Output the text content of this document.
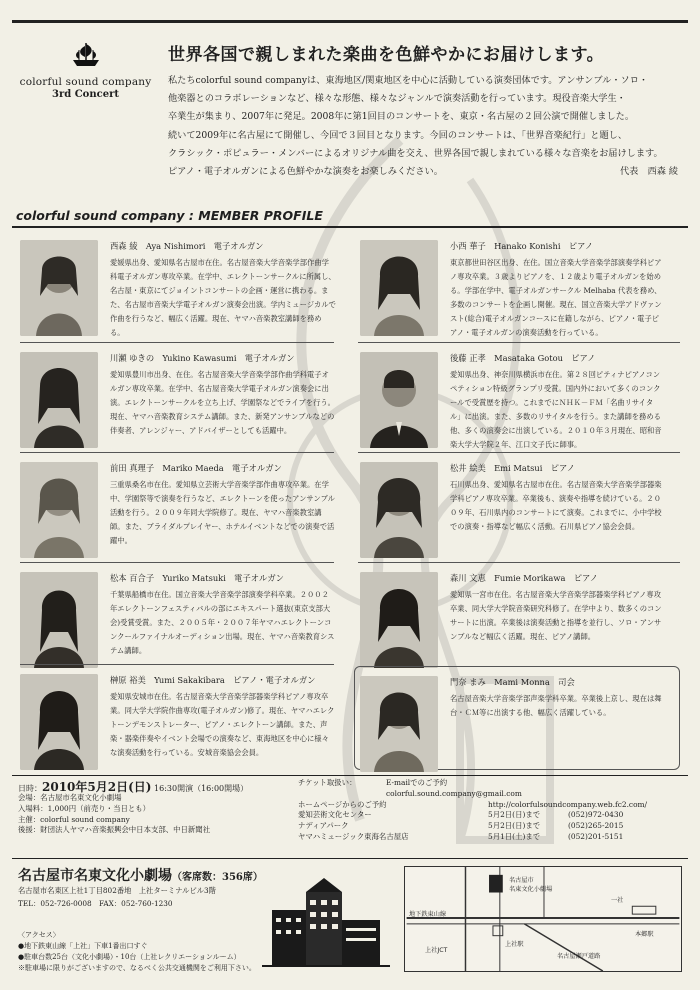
colorful sound company
3rd Concert
世界各国で親しまれた楽曲を色鮮やかにお届けします。

私たちcolorful sound companyは、東海地区/関東地区を中心に活動している演奏団体です。アンサンブル・ソロ・

他楽器とのコラボレーションなど、様々な形態、様々なジャンルで演奏活動を行っています。現役音楽大学生・

卒業生が集まり、2007年に発足。2008年に第1回目のコンサートを、東京・名古屋の２回公演で開催しました。

続いて2009年に名古屋にて開催し、今回で３回目となります。今回のコンサートは、「世界音楽紀行」と題し、

クラシック・ポピュラー・メンバーによるオリジナル曲を交え、世界各国で親しまれている様々な音楽をお届けします。

ピアノ・電子オルガンによる色鮮やかな演奏をお楽しみください。	代表　西森 綾

colorful sound company : MEMBER PROFILE
西森 綾　Aya Nishimori　電子オルガン
愛媛県出身、愛知県名古屋市在住。名古屋音楽大学音楽学部作曲学科電子オルガン専攻卒業。在学中、エレクトーンサークルに所属し、名古屋・東京にてジョイントコンサートの企画・運営に携わる。また、名古屋市音楽大学電子オルガン演奏会出演。学内ミュージカルで作曲を行うなど、幅広く活躍。現在、ヤマハ音楽教室講師を務める。
川瀬 ゆきの　Yukino Kawasumi　電子オルガン
愛知県豊川市出身、在住。名古屋音楽大学音楽学部作曲学科電子オルガン専攻卒業。在学中、名古屋音楽大学電子オルガン演奏会に出演。エレクトーンサークルを立ち上げ、学園祭などでライブを行う。現在、ヤマハ音楽教育システム講師。また、新発アンサンブルなどの伴奏者、アレンジャー、アドバイザーとしても活躍中。
前田 真理子　Mariko Maeda　電子オルガン
三重県桑名市在住。愛知県立芸術大学音楽学部作曲専攻卒業。在学中、学園祭等で演奏を行うなど、エレクトーンを使ったアンサンブル活動を行う。２００９年同大学院修了。現在、ヤマハ音楽教室講師。また、ブライダルプレイヤー、ホテルイベントなどでの演奏で活躍中。
松本 百合子　Yuriko Matsuki　電子オルガン
千葉県船橋市在住。国立音楽大学音楽学部演奏学科卒業。２００２年エレクトーンフェスティバルの部にエキスパート選抜(東京支部大会)受賞受賞。また、２００５年・２００７年ヤマハエレクトーンコンクールファイナルオーディション出場。現在、ヤマハ音楽教育システム講師。
榊原 裕美　Yumi Sakakibara　ピアノ・電子オルガン
愛知県安城市在住。名古屋音楽大学音楽学部器楽学科ピアノ専攻卒業。同大学大学院作曲専攻(電子オルガン)修了。現在、ヤマハエレクトーンデモンストレーター、ピアノ・エレクトーン講師。また、声楽・器楽伴奏やイベント会場での演奏など、東海地区を中心に様々な演奏活動を行っている。安城音楽協会会員。
小西 華子　Hanako Konishi　ピアノ
東京都世田谷区出身、在住。国立音楽大学音楽学部演奏学科ピアノ専攻卒業。３歳よりピアノを、１２歳より電子オルガンを始める。学部在学中、電子オルガンサークル Melhaba 代表を務め、多数のコンサートを企画し開催。現在、国立音楽大学アドヴァンスト(総合)電子オルガンコースに在籍しながら、ピアノ・電子ピアノ・電子オルガンの演奏活動を行っている。
後藤 正孝　Masataka Gotou　ピアノ
愛知県出身、神奈川県横浜市在住。第２８回ピティナピアノコンペティション特級グランプリ受賞。国内外において多くのコンクールで受賞歴を持つ。これまでにＮＨＫ－ＦＭ「名曲リサイタル」に出演。また、多数のリサイタルを行う。また講師を務める他、多くの演奏会に出演している。２０１０年３月現在、昭和音楽大学大学院２年、江口文子氏に師事。
松井 絵美　Emi Matsui　ピアノ
石川県出身、愛知県名古屋市在住。名古屋音楽大学音楽学部器楽学科ピアノ専攻卒業。卒業後も、演奏や指導を続けている。２００９年、石川県内のコンサートにて演奏。これまでに、小中学校での演奏・指導など幅広く活動。石川県ピアノ協会会員。
森川 文恵　Fumie Morikawa　ピアノ
愛知県一宮市在住。名古屋音楽大学音楽学部器楽学科ピアノ専攻卒業、同大学大学院音楽研究科修了。在学中より、数多くのコンサートに出演。卒業後は演奏活動と指導を並行し、ソロ・アンサンブルなど幅広く活躍。現在、ピアノ講師。
門奈 まみ　Mami Monna　司会
名古屋音楽大学音楽学部声楽学科卒業。卒業後上京し、現在は舞台・ＣＭ等に出演する他、幅広く活躍している。
日時：2010年5月2日(日) 16:30開演（16:00開場）
会場：名古屋市名東文化小劇場
入場料：1,000円（前売り・当日とも）
主催：colorful sound company
後援：財団法人ヤマハ音楽振興会中日本支部、中日新聞社
チケット取扱い：	E-mailでのご予約
colorful.sound.company@gmail.com
ホームページからのご予約	http://colorfulsoundcompany.web.fc2.com/
愛知芸術文化センター	5月2日(日)まで	(052)972-0430
ナディアパーク	5月2日(日)まで	(052)265-2015
ヤマハミュージック東海名古屋店	5月1日(土)まで	(052)201-5151
名古屋市名東文化小劇場（客席数：356席）
名古屋市名東区上社1丁目802番地　上社ターミナルビル3階
TEL：052-726-0008　FAX：052-760-1230
〈アクセス〉
●地下鉄東山線「上社」下車1番出口すぐ
●駐車台数25台（文化小劇場）・10台（上社レクリエーションルーム）
※駐車場に限りがございますので、なるべく公共交通機関をご利用下さい。
名古屋市
名東文化小劇場
地下鉄東山線
上社駅
上社JCT
名古屋瀬戸道路
一社
本郷駅
